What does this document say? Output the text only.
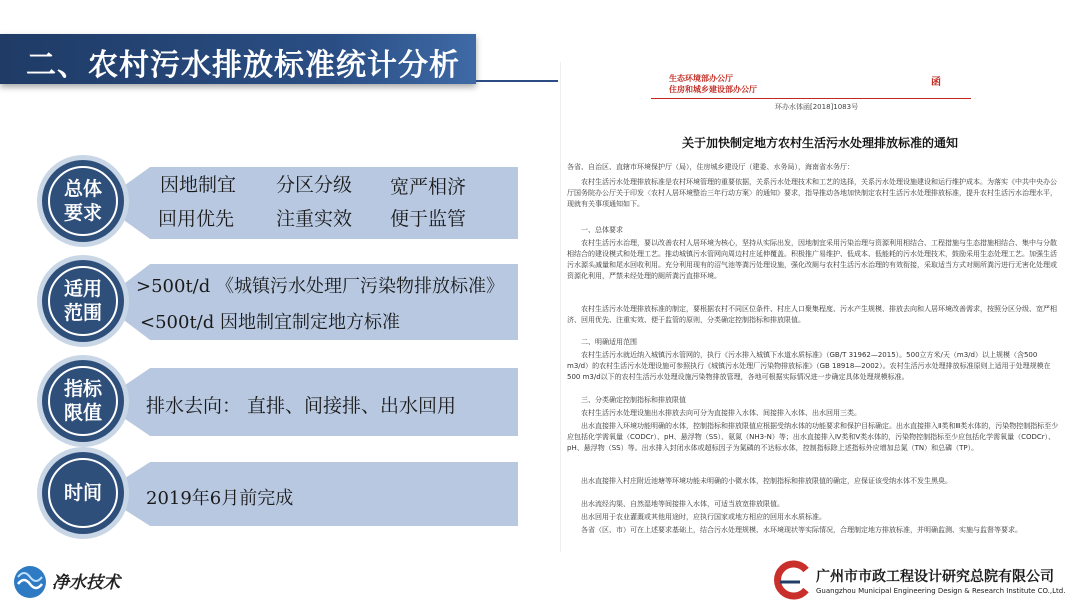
二、农村污水排放标准统计分析
总体
要求
因地制宜 分区分级 宽严相济
回用优先 注重实效 便于监管
适用
范围
>500t/d 《城镇污水处理厂污染物排放标准》
<500t/d 因地制宜制定地方标准
指标
限值	排水去向： 直排、间接排、出水回用
时间	2019年6月前完成
生态环境部办公厅
住房和城乡建设部办公厅
函
环办水体函[2018]1083号
关于加快制定地方农村生活污水处理排放标准的通知
各省、自治区、直辖市环境保护厅（局），住房城乡建设厅（建委、水务局），海南省水务厅：
农村生活污水处理排放标准是农村环境管理的重要依据，关系污水处理技术和工艺的选择，关系污水处理设施建设和运行维护成本。为落实《中共中央办公厅国务院办公厅关于印发〈农村人居环境整治三年行动方案〉的通知》要求，指导推动各地加快制定农村生活污水处理排放标准，提升农村生活污水治理水平，现就有关事项通知如下。
一、总体要求
农村生活污水治理，要以改善农村人居环境为核心，坚持从实际出发，因地制宜采用污染治理与资源利用相结合、工程措施与生态措施相结合、集中与分散相结合的建设模式和处理工艺。推动城镇污水管网向周边村庄延伸覆盖。积极推广易维护、低成本、低能耗的污水处理技术，鼓励采用生态处理工艺。加强生活污水源头减量和尾水回收利用。充分利用现有的沼气池等粪污处理设施，强化改厕与农村生活污水治理的有效衔接，采取适当方式对厕所粪污进行无害化处理或资源化利用，严禁未经处理的厕所粪污直排环境。
农村生活污水处理排放标准的制定，要根据农村不同区位条件、村庄人口聚集程度、污水产生规模、排放去向和人居环境改善需求，按照分区分级、宽严相济、回用优先、注重实效、便于监管的原则，分类确定控制指标和排放限值。
二、明确适用范围
农村生活污水就近纳入城镇污水管网的，执行《污水排入城镇下水道水质标准》（GB/T 31962—2015）。500立方米/天（m3/d）以上规模（含500 m3/d）的农村生活污水处理设施可参照执行《城镇污水处理厂污染物排放标准》（GB 18918—2002）。农村生活污水处理排放标准原则上适用于处理规模在500 m3/d以下的农村生活污水处理设施污染物排放管理，各地可根据实际情况进一步确定具体处理规模标准。
三、分类确定控制指标和排放限值
农村生活污水处理设施出水排放去向可分为直接排入水体、间接排入水体、出水回用三类。
出水直接排入环境功能明确的水体，控制指标和排放限值应根据受纳水体的功能要求和保护目标确定。出水直接排入Ⅱ类和Ⅲ类水体的，污染物控制指标至少应包括化学需氧量（CODCr）、pH、悬浮物（SS）、氨氮（NH3-N）等；出水直接排入Ⅳ类和Ⅴ类水体的，污染物控制指标至少应包括化学需氧量（CODCr）、pH、悬浮物（SS）等。出水排入封闭水体或超标因子为氮磷的不达标水体，控制指标除上述指标外应增加总氮（TN）和总磷（TP）。
出水直接排入村庄附近池塘等环境功能未明确的小微水体，控制指标和排放限值的确定，应保证该受纳水体不发生黑臭。
出水流经沟渠、自然湿地等间接排入水体，可适当放宽排放限值。
出水回用于农业灌溉或其他用途时，应执行国家或地方相应的回用水水质标准。
各省（区、市）可在上述要求基础上，结合污水处理规模、水环境现状等实际情况，合理制定地方排放标准，并明确监测、实施与监督等要求。
净水技术	广州市市政工程设计研究总院有限公司
Guangzhou Municipal Engineering Design & Research Institute CO.,Ltd.
